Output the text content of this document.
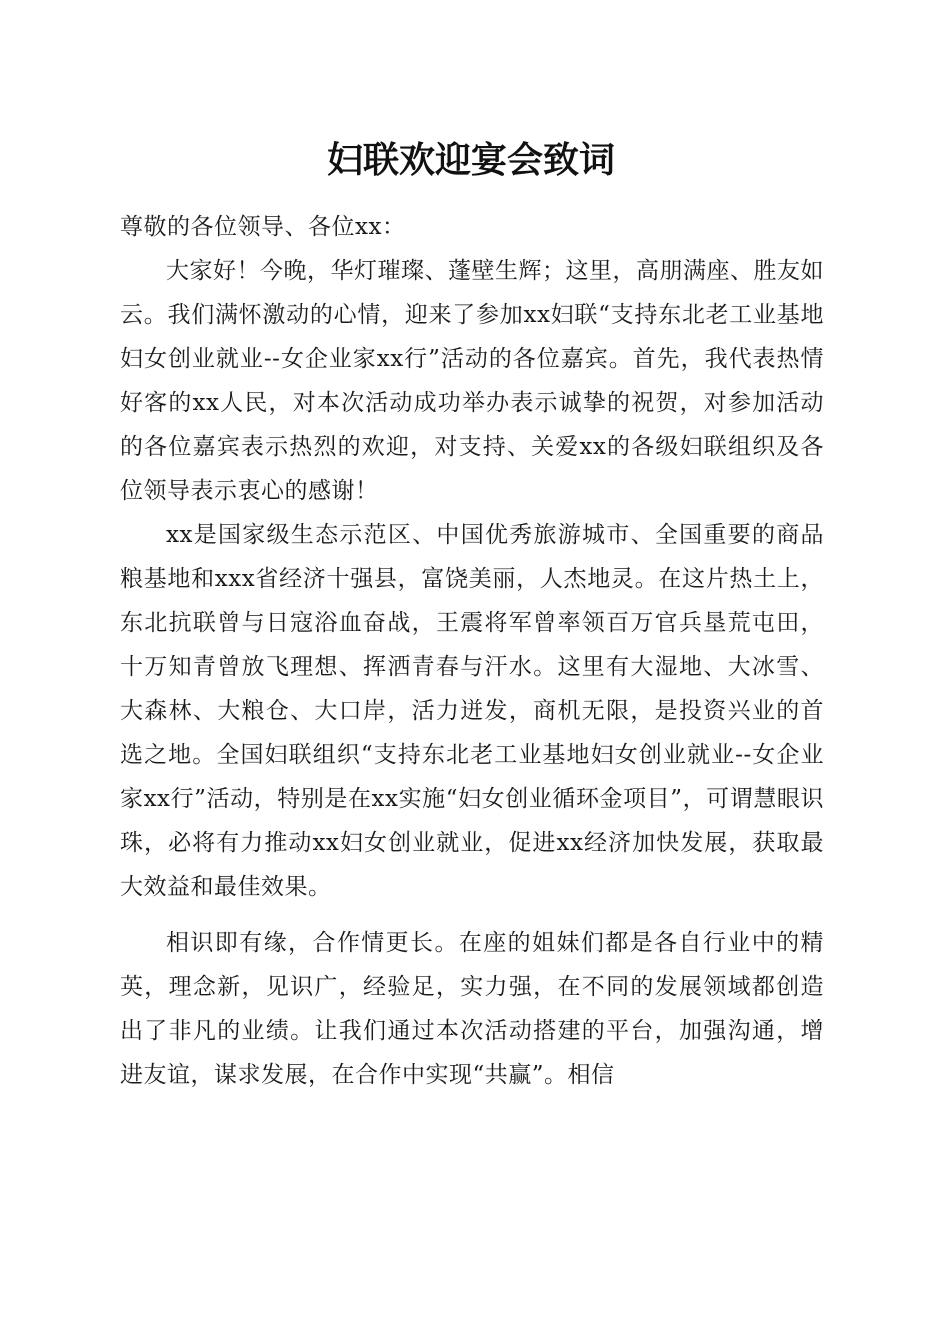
妇联欢迎宴会致词

尊敬的各位领导、各位xx：

大家好！今晚，华灯璀璨、蓬壁生辉；这里，高朋满座、胜友如云。我们满怀激动的心情，迎来了参加xx妇联“支持东北老工业基地妇女创业就业--女企业家xx行”活动的各位嘉宾。首先，我代表热情好客的xx人民，对本次活动成功举办表示诚挚的祝贺，对参加活动的各位嘉宾表示热烈的欢迎，对支持、关爱xx的各级妇联组织及各位领导表示衷心的感谢！

xx是国家级生态示范区、中国优秀旅游城市、全国重要的商品粮基地和xxx省经济十强县，富饶美丽，人杰地灵。在这片热土上，东北抗联曾与日寇浴血奋战，王震将军曾率领百万官兵垦荒屯田，十万知青曾放飞理想、挥洒青春与汗水。这里有大湿地、大冰雪、大森林、大粮仓、大口岸，活力迸发，商机无限，是投资兴业的首选之地。全国妇联组织“支持东北老工业基地妇女创业就业--女企业家xx行”活动，特别是在xx实施“妇女创业循环金项目”，可谓慧眼识珠，必将有力推动xx妇女创业就业，促进xx经济加快发展，获取最大效益和最佳效果。

相识即有缘，合作情更长。在座的姐妹们都是各自行业中的精英，理念新，见识广，经验足，实力强，在不同的发展领域都创造出了非凡的业绩。让我们通过本次活动搭建的平台，加强沟通，增进友谊，谋求发展，在合作中实现“共赢”。相信
